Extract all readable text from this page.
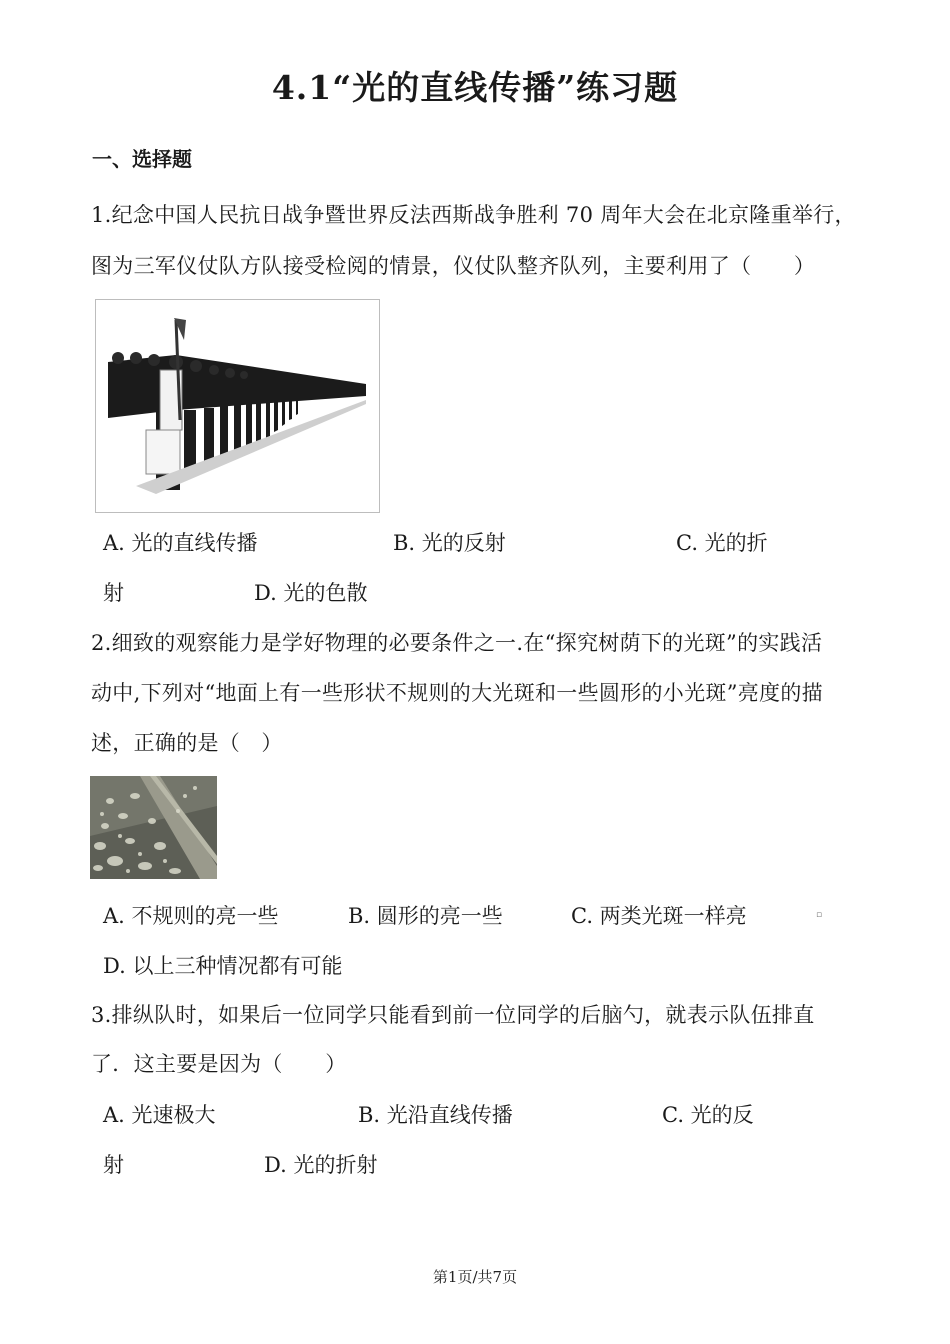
4.1“光的直线传播”练习题
一、选择题
1.纪念中国人民抗日战争暨世界反法西斯战争胜利 70 周年大会在北京隆重举行，
图为三军仪仗队方队接受检阅的情景，仪仗队整齐队列，主要利用了（　　）
A. 光的直线传播	B. 光的反射	C. 光的折
射	D. 光的色散
2.细致的观察能力是学好物理的必要条件之一.在“探究树荫下的光斑”的实践活
动中,下列对“地面上有一些形状不规则的大光斑和一些圆形的小光斑”亮度的描
述，正确的是（　）
A. 不规则的亮一些	B. 圆形的亮一些	C. 两类光斑一样亮	▫
D. 以上三种情况都有可能
3.排纵队时，如果后一位同学只能看到前一位同学的后脑勺，就表示队伍排直
了．这主要是因为（　　）
A. 光速极大	B. 光沿直线传播	C. 光的反
射	D. 光的折射
第1页/共7页
